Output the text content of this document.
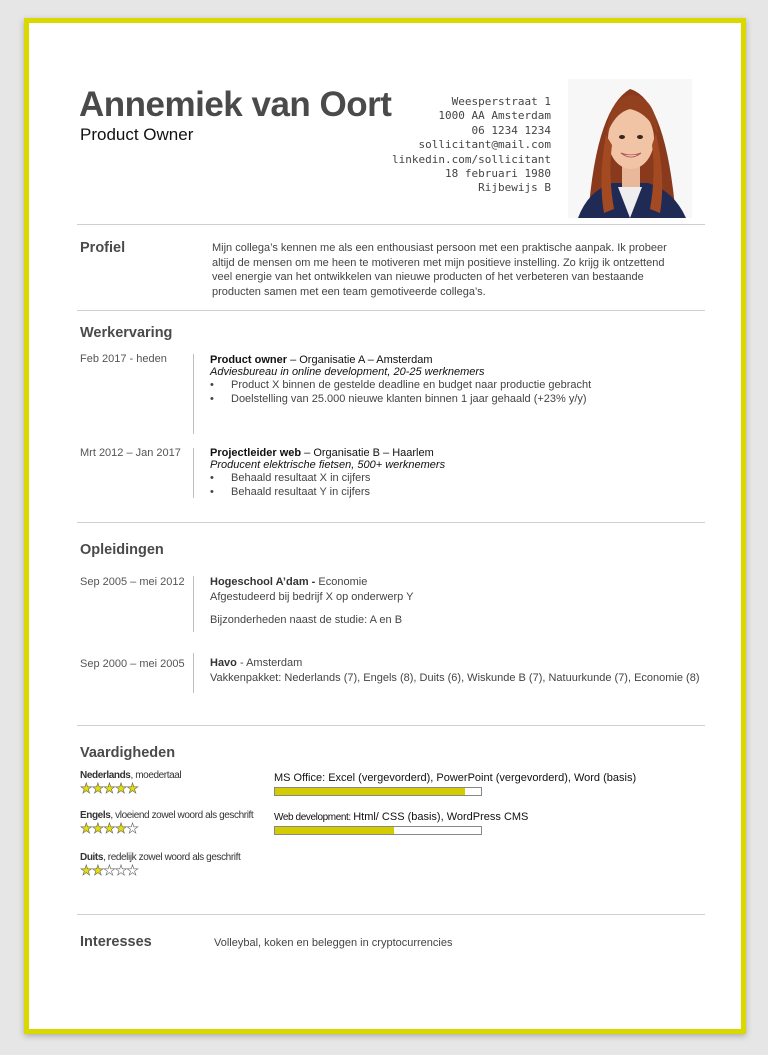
Annemiek van Oort
Product Owner
Weesperstraat 1
1000 AA Amsterdam
06 1234 1234
sollicitant@mail.com
linkedin.com/sollicitant
18 februari 1980
Rijbewijs B
Profiel	Mijn collega’s kennen me als een enthousiast persoon met een praktische aanpak. Ik probeer
altijd de mensen om me heen te motiveren met mijn positieve instelling. Zo krijg ik ontzettend
veel energie van het ontwikkelen van nieuwe producten of het verbeteren van bestaande
producten samen met een team gemotiveerde collega’s.
Werkervaring
Feb 2017 - heden	Product owner – Organisatie A – Amsterdam
Adviesbureau in online development, 20-25 werknemers
• Product X binnen de gestelde deadline en budget naar productie gebracht
• Doelstelling van 25.000 nieuwe klanten binnen 1 jaar gehaald (+23% y/y)
Mrt 2012 – Jan 2017	Projectleider web – Organisatie B – Haarlem
Producent elektrische fietsen, 500+ werknemers
• Behaald resultaat X in cijfers
• Behaald resultaat Y in cijfers
Opleidingen
Sep 2005 – mei 2012 Hogeschool A’dam - Economie
Afgestudeerd bij bedrijf X op onderwerp Y
Bijzonderheden naast de studie: A en B
Sep 2000 – mei 2005 Havo - Amsterdam
Vakkenpakket: Nederlands (7), Engels (8), Duits (6), Wiskunde B (7), Natuurkunde (7), Economie (8)
Vaardigheden
Nederlands, moedertaal
★★★★★
Engels, vloeiend zowel woord als geschrift
★★★★★
Duits, redelijk zowel woord als geschrift
★★★★★
MS Office: Excel (vergevorderd), PowerPoint (vergevorderd), Word (basis)
Web development: Html/ CSS (basis), WordPress CMS
Interesses	Volleybal, koken en beleggen in cryptocurrencies
